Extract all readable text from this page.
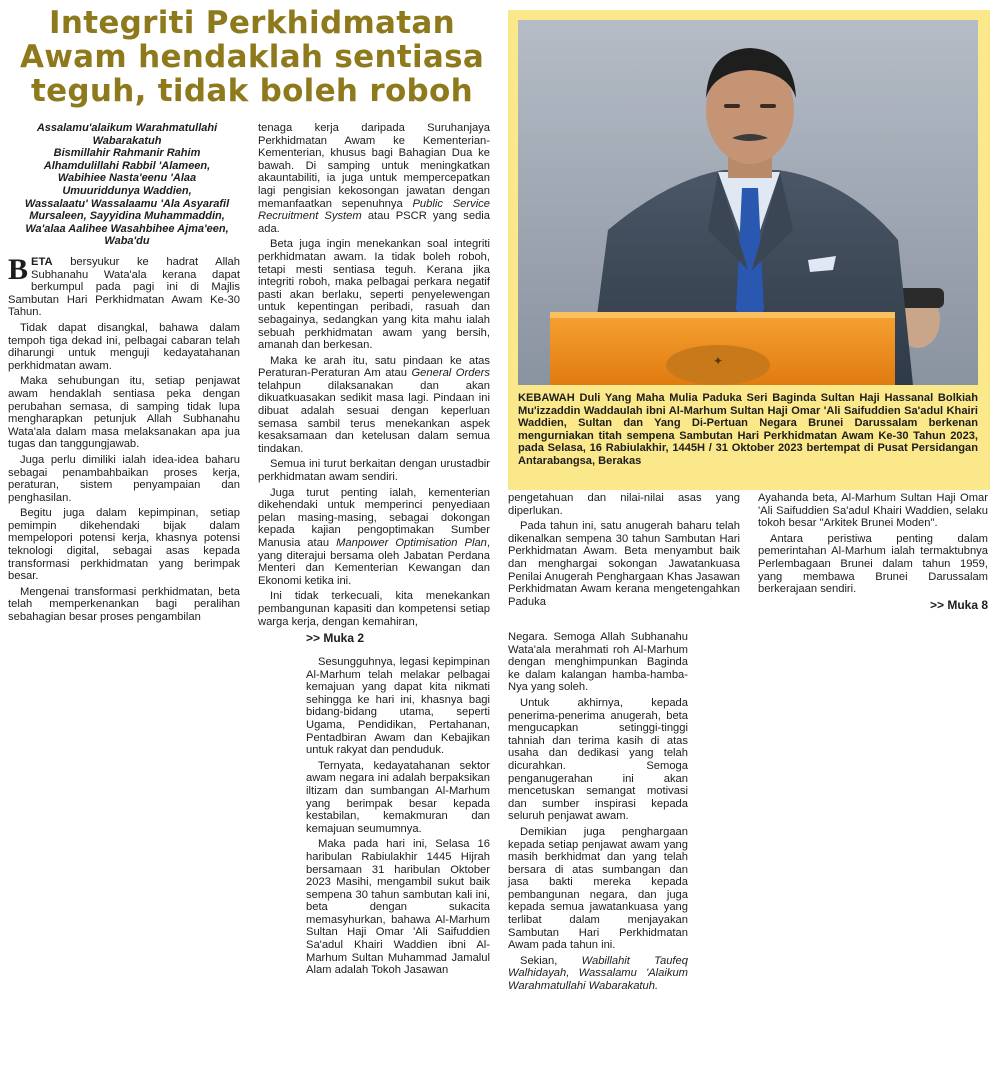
Integriti Perkhidmatan
Awam hendaklah sentiasa
teguh, tidak boleh roboh

Assalamu'alaikum Warahmatullahi

Wabarakatuh

Bismillahir Rahmanir Rahim

Alhamdulillahi Rabbil 'Alameen,

Wabihiee Nasta'eenu 'Alaa

Umuuriddunya Waddien,

Wassalaatu' Wassalaamu 'Ala Asyarafil

Mursaleen, Sayyidina Muhammaddin,

Wa'alaa Aalihee Wasahbihee Ajma'een,

Waba'du

BETA bersyukur ke hadrat Allah Subhanahu Wata'ala kerana dapat berkumpul pada pagi ini di Majlis Sambutan Hari Perkhidmatan Awam Ke-30 Tahun.

Tidak dapat disangkal, bahawa dalam tempoh tiga dekad ini, pelbagai cabaran telah diharungi untuk menguji kedayatahanan perkhidmatan awam.

Maka sehubungan itu, setiap penjawat awam hendaklah sentiasa peka dengan perubahan semasa, di samping tidak lupa mengharapkan petunjuk Allah Subhanahu Wata'ala dalam masa melaksanakan apa jua tugas dan tanggungjawab.

Juga perlu dimiliki ialah idea-idea baharu sebagai penambahbaikan proses kerja, peraturan, sistem penyampaian dan penghasilan.

Begitu juga dalam kepimpinan, setiap pemimpin dikehendaki bijak dalam mempelopori potensi kerja, khasnya potensi teknologi digital, sebagai asas kepada transformasi perkhidmatan yang berimpak besar.

Mengenai transformasi perkhidmatan, beta telah memperkenankan bagi peralihan sebahagian besar proses pengambilan

tenaga kerja daripada Suruhanjaya Perkhidmatan Awam ke Kementerian-Kementerian, khusus bagi Bahagian Dua ke bawah. Di samping untuk meningkatkan akauntabiliti, ia juga untuk mempercepatkan lagi pengisian kekosongan jawatan dengan memanfaatkan sepenuhnya Public Service Recruitment System atau PSCR yang sedia ada.

Beta juga ingin menekankan soal integriti perkhidmatan awam. Ia tidak boleh roboh, tetapi mesti sentiasa teguh. Kerana jika integriti roboh, maka pelbagai perkara negatif pasti akan berlaku, seperti penyelewengan untuk kepentingan peribadi, rasuah dan sebagainya, sedangkan yang kita mahu ialah sebuah perkhidmatan awam yang bersih, amanah dan berkesan.

Maka ke arah itu, satu pindaan ke atas Peraturan-Peraturan Am atau General Orders telahpun dilaksanakan dan akan dikuatkuasakan sedikit masa lagi. Pindaan ini dibuat adalah sesuai dengan keperluan semasa sambil terus menekankan aspek kesaksamaan dan ketelusan dalam semua tindakan.

Semua ini turut berkaitan dengan urustadbir perkhidmatan awam sendiri.

Juga turut penting ialah, kementerian dikehendaki untuk memperinci penyediaan pelan masing-masing, sebagai dokongan kepada kajian pengoptimakan Sumber Manusia atau Manpower Optimisation Plan, yang diterajui bersama oleh Jabatan Perdana Menteri dan Kementerian Kewangan dan Ekonomi ketika ini.

Ini tidak terkecuali, kita menekankan pembangunan kapasiti dan kompetensi setiap warga kerja, dengan kemahiran,

✦
KEBAWAH Duli Yang Maha Mulia Paduka Seri Baginda Sultan Haji Hassanal Bolkiah Mu'izzaddin Waddaulah ibni Al-Marhum Sultan Haji Omar 'Ali Saifuddien Sa'adul Khairi Waddien, Sultan dan Yang Di-Pertuan Negara Brunei Darussalam berkenan mengurniakan titah sempena Sambutan Hari Perkhidmatan Awam Ke-30 Tahun 2023, pada Selasa, 16 Rabiulakhir, 1445H / 31 Oktober 2023 bertempat di Pusat Persidangan Antarabangsa, Berakas

pengetahuan dan nilai-nilai asas yang diperlukan.

Pada tahun ini, satu anugerah baharu telah dikenalkan sempena 30 tahun Sambutan Hari Perkhidmatan Awam. Beta menyambut baik dan menghargai sokongan Jawatankuasa Penilai Anugerah Penghargaan Khas Jasawan Perkhidmatan Awam kerana mengetengahkan Paduka

Ayahanda beta, Al-Marhum Sultan Haji Omar 'Ali Saifuddien Sa'adul Khairi Waddien, selaku tokoh besar "Arkitek Brunei Moden".

Antara peristiwa penting dalam pemerintahan Al-Marhum ialah termaktubnya Perlembagaan Brunei dalam tahun 1959, yang membawa Brunei Darussalam berkerajaan sendiri.

>> Muka 8
>> Muka 2

Sesungguhnya, legasi kepimpinan Al-Marhum telah melakar pelbagai kemajuan yang dapat kita nikmati sehingga ke hari ini, khasnya bagi bidang-bidang utama, seperti Ugama, Pendidikan, Pertahanan, Pentadbiran Awam dan Kebajikan untuk rakyat dan penduduk.

Ternyata, kedayatahanan sektor awam negara ini adalah berpaksikan iltizam dan sumbangan Al-Marhum yang berimpak besar kepada kestabilan, kemakmuran dan kemajuan seumumnya.

Maka pada hari ini, Selasa 16 haribulan Rabiulakhir 1445 Hijrah bersamaan 31 haribulan Oktober 2023 Masihi, mengambil sukut baik sempena 30 tahun sambutan kali ini, beta dengan sukacita memasyhurkan, bahawa Al-Marhum Sultan Haji Omar 'Ali Saifuddien Sa'adul Khairi Waddien ibni Al-Marhum Sultan Muhammad Jamalul Alam adalah Tokoh Jasawan

Negara. Semoga Allah Subhanahu Wata'ala merahmati roh Al-Marhum dengan menghimpunkan Baginda ke dalam kalangan hamba-hamba-Nya yang soleh.

Untuk akhirnya, kepada penerima-penerima anugerah, beta mengucapkan setinggi-tinggi tahniah dan terima kasih di atas usaha dan dedikasi yang telah dicurahkan. Semoga penganugerahan ini akan mencetuskan semangat motivasi dan sumber inspirasi kepada seluruh penjawat awam.

Demikian juga penghargaan kepada setiap penjawat awam yang masih berkhidmat dan yang telah bersara di atas sumbangan dan jasa bakti mereka kepada pembangunan negara, dan juga kepada semua jawatankuasa yang terlibat dalam menjayakan Sambutan Hari Perkhidmatan Awam pada tahun ini.

Sekian, Wabillahit Taufeq Walhidayah, Wassalamu 'Alaikum Warahmatullahi Wabarakatuh.
